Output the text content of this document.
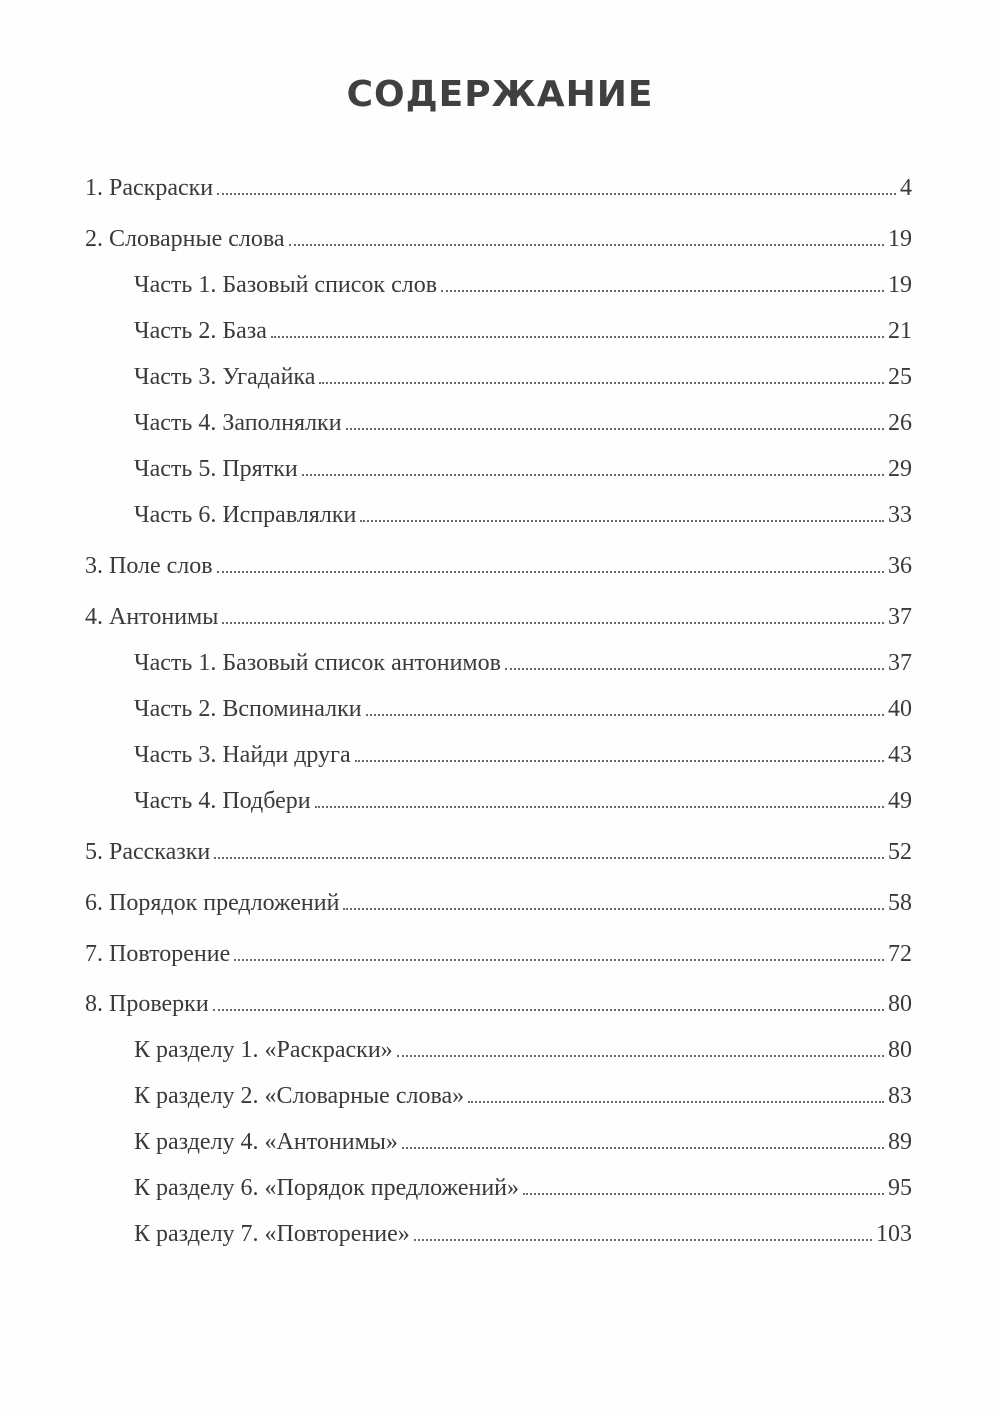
СОДЕРЖАНИЕ
1. Раскраски	4
2. Словарные слова	19
Часть 1. Базовый список слов	19
Часть 2. База	21
Часть 3. Угадайка	25
Часть 4. Заполнялки	26
Часть 5. Прятки	29
Часть 6. Исправлялки	33
3. Поле слов	36
4. Антонимы	37
Часть 1. Базовый список антонимов	37
Часть 2. Вспоминалки	40
Часть 3. Найди друга	43
Часть 4. Подбери	49
5. Рассказки	52
6. Порядок предложений	58
7. Повторение	72
8. Проверки	80
К разделу 1. «Раскраски»	80
К разделу 2. «Словарные слова»	83
К разделу 4. «Антонимы»	89
К разделу 6. «Порядок предложений»	95
К разделу 7. «Повторение»	103
